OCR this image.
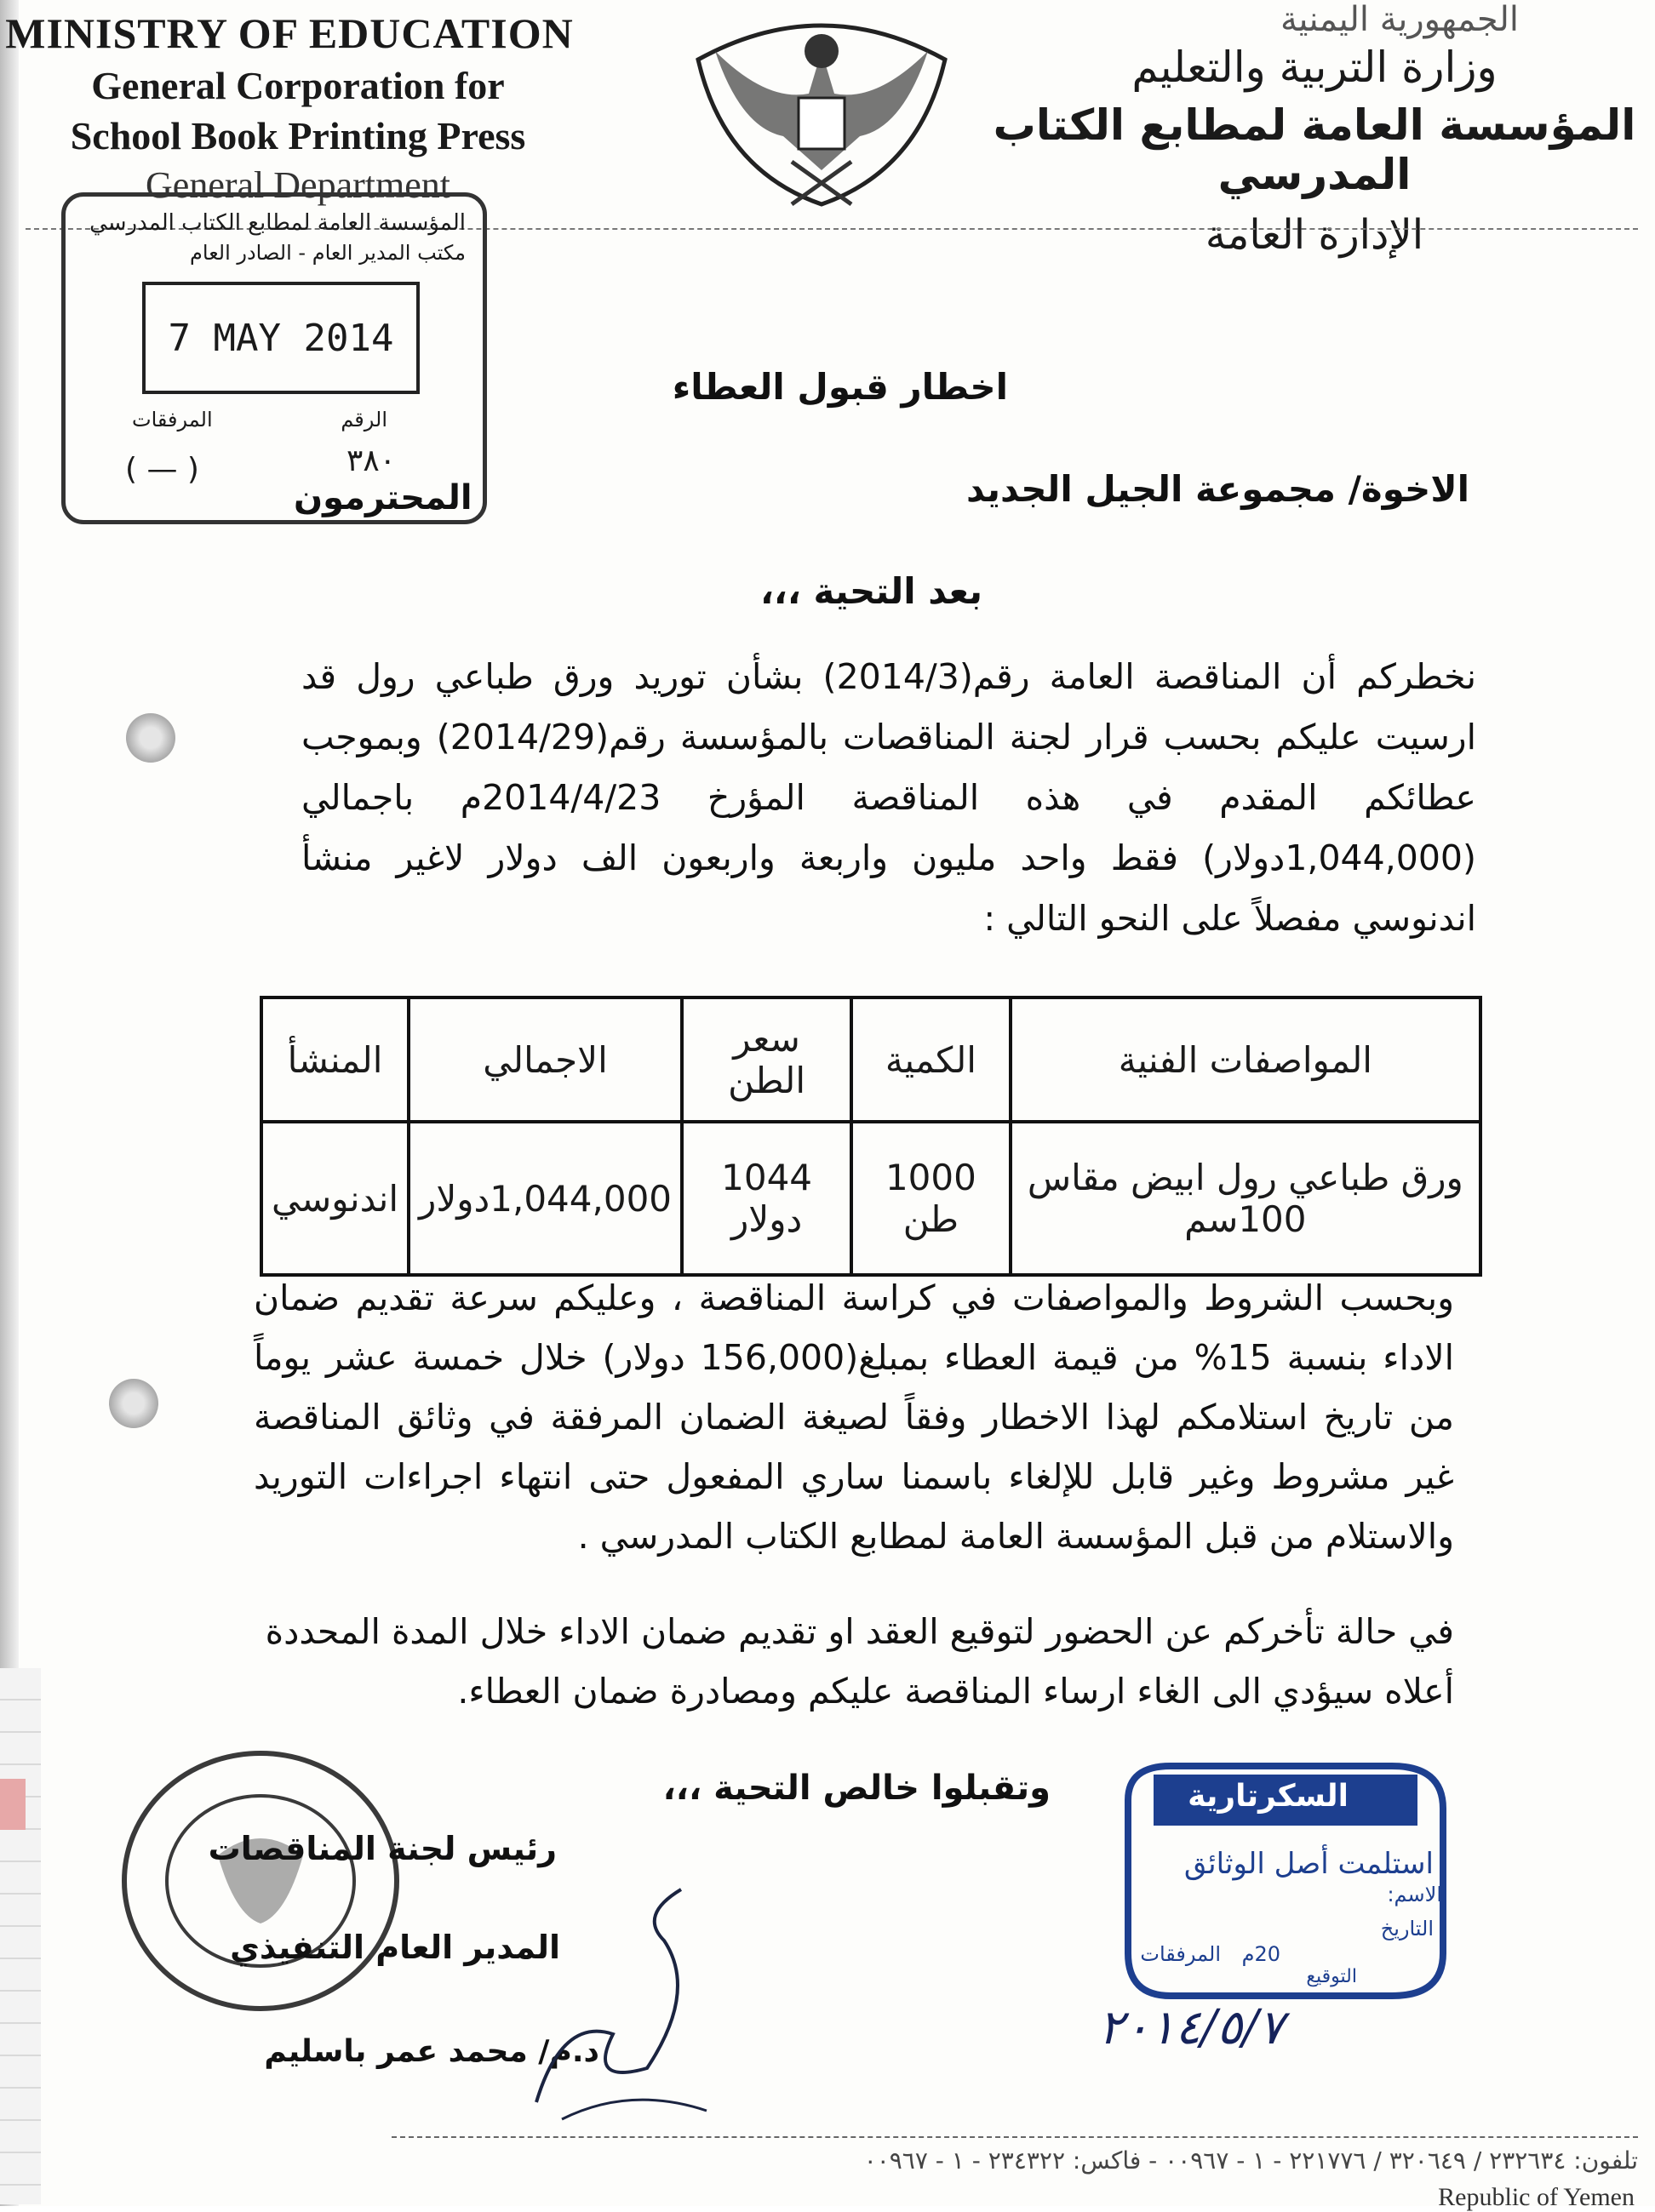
MINISTRY OF EDUCATION
General Corporation for
School Book Printing Press
General Department
الجمهورية اليمنية
وزارة التربية والتعليم
المؤسسة العامة لمطابع الكتاب المدرسي
الإدارة العامة
المؤسسة العامة لمطابع الكتاب المدرسي
مكتب المدير العام - الصادر العام
7 MAY 2014
الرقم
المرفقات
( — )	٣٨٠
اخطار قبول العطاء
الاخوة/ مجموعة الجيل الجديد
المحترمون
بعد التحية ،،،
نخطركم أن المناقصة العامة رقم(2014/3) بشأن توريد ورق طباعي رول قد ارسيت عليكم بحسب قرار لجنة المناقصات بالمؤسسة رقم(2014/29) وبموجب عطائكم المقدم في هذه المناقصة المؤرخ 2014/4/23م باجمالي (1,044,000دولار) فقط واحد مليون واربعة واربعون الف دولار لاغير منشأ اندنوسي مفصلاً على النحو التالي :
المواصفات الفنية	الكمية	سعر الطن	الاجمالي	المنشأ
ورق طباعي رول ابيض مقاس 100سم	1000 طن	1044 دولار	1,044,000دولار	اندنوسي
وبحسب الشروط والمواصفات في كراسة المناقصة ، وعليكم سرعة تقديم ضمان الاداء بنسبة 15% من قيمة العطاء بمبلغ(156,000 دولار) خلال خمسة عشر يوماً من تاريخ استلامكم لهذا الاخطار وفقاً لصيغة الضمان المرفقة في وثائق المناقصة غير مشروط وغير قابل للإلغاء باسمنا ساري المفعول حتى انتهاء اجراءات التوريد والاستلام من قبل المؤسسة العامة لمطابع الكتاب المدرسي .
في حالة تأخركم عن الحضور لتوقيع العقد او تقديم ضمان الاداء خلال المدة المحددة أعلاه سيؤدي الى الغاء ارساء المناقصة عليكم ومصادرة ضمان العطاء.
وتقبلوا خالص التحية ،،،
رئيس لجنة المناقصات
المدير العام التنفيذي
د.م/ محمد عمر باسليم
السكرتارية
استلمت أصل الوثائق
الاسم:
التاريخ
20م
المرفقات
التوقيع
٢٠١٤/٥/٧
تلفون: ٢٣٢٦٣٤ / ٣٢٠٦٤٩ / ٢٢١٧٧٦ - ١ - ٠٠٩٦٧ - فاكس: ٢٣٤٣٢٢ - ١ - ٠٠٩٦٧
Republic of Yemen
